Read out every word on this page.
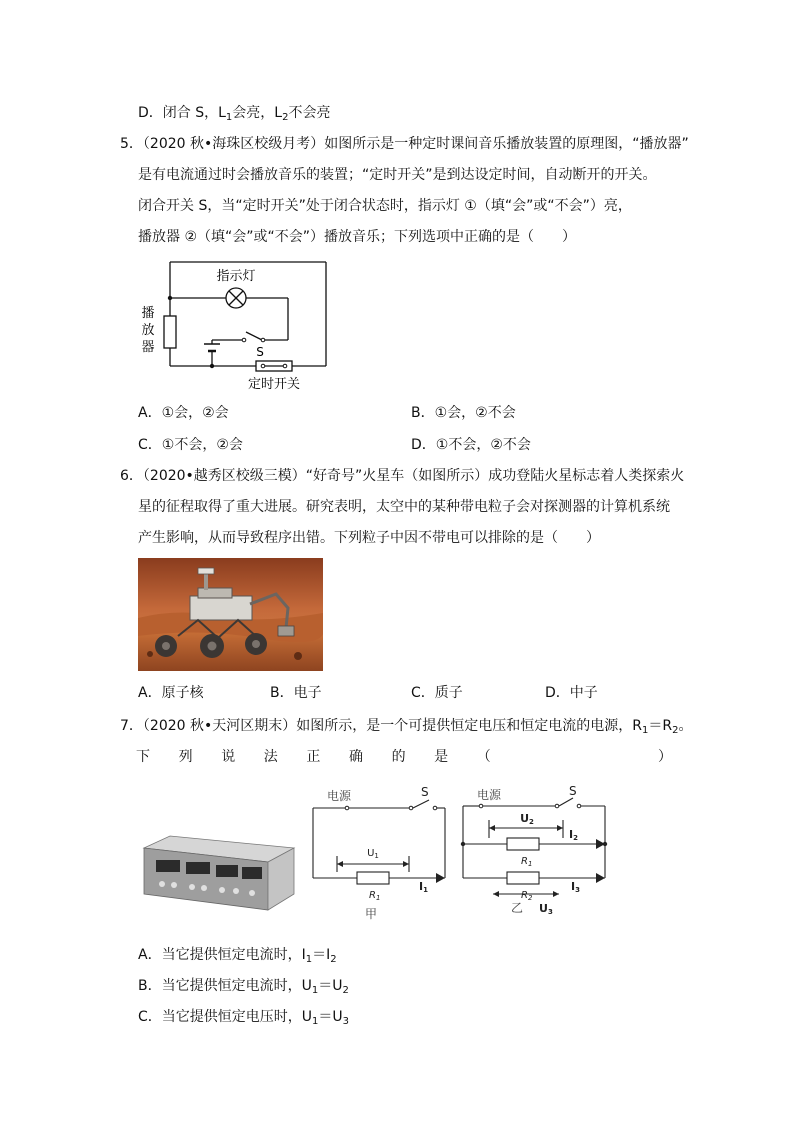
D．闭合 S，$L_1$会亮，$L_2$不会亮
5．（2020 秋•海珠区校级月考）如图所示是一种定时课间音乐播放装置的原理图，“播放器”
是有电流通过时会播放音乐的装置；“定时开关”是到达设定时间，自动断开的开关。
闭合开关 S，当“定时开关”处于闭合状态时，指示灯 ①（填“会”或“不会”）亮，
播放器 ②（填“会”或“不会”）播放音乐；下列选项中正确的是（　　）
指示灯
播
放
器	S
定时开关
A．①会，②会	B．①会，②不会
C．①不会，②会	D．①不会，②不会
6．（2020•越秀区校级三模）“好奇号”火星车（如图所示）成功登陆火星标志着人类探索火
星的征程取得了重大进展。研究表明，太空中的某种带电粒子会对探测器的计算机系统
产生影响，从而导致程序出错。下列粒子中因不带电可以排除的是（　　）
A．原子核	B．电子	C．质子	D．中子
7．（2020 秋•天河区期末）如图所示，是一个可提供恒定电压和恒定电流的电源，$R_1=R_2$。
下 列 说 法 正 确 的 是 （	）
电源	S
$U_1$
$R_1$
I1
甲
电源	S
U2
I2
$R_1$
I3
$R_2$
乙 U3
A．当它提供恒定电流时，$I_1=I_2$
B．当它提供恒定电流时，$U_1=U_2$
C．当它提供恒定电压时，$U_1=U_3$
